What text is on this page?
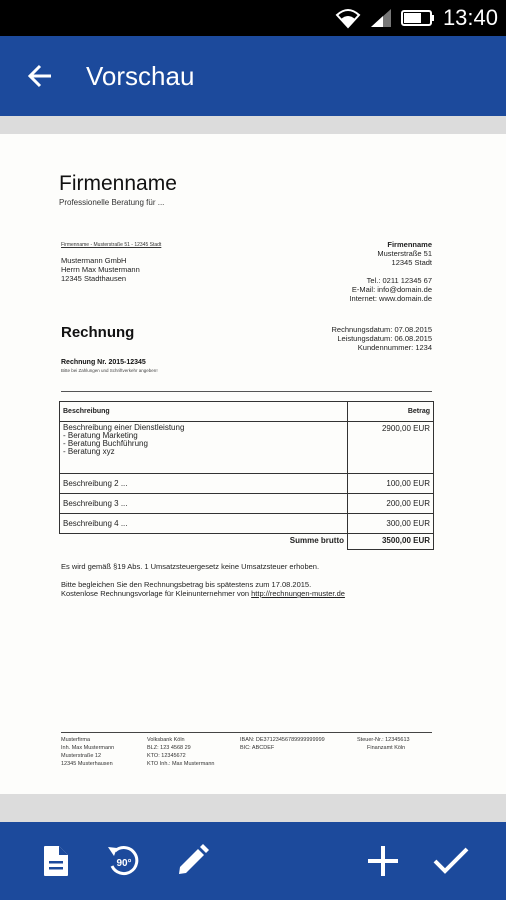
13:40
Vorschau
Firmenname
Professionelle Beratung für ...
Firmenname - Musterstraße 51 - 12345 Stadt
Mustermann GmbH
Herrn Max Mustermann
12345 Stadthausen
Firmenname
Musterstraße 51
12345 Stadt
Tel.: 0211 12345 67
E-Mail: info@domain.de
Internet: www.domain.de
Rechnung	Rechnungsdatum: 07.08.2015
Leistungsdatum: 06.08.2015
Kundennummer: 1234
Rechnung Nr. 2015-12345
Bitte bei Zahlungen und Schriftverkehr angeben!
Beschreibung	Betrag

Beschreibung einer Dienstleistung
- Beratung Marketing
- Beratung Buchführung
- Beratung xyz	2900,00 EUR
Beschreibung 2 ...	100,00 EUR
Beschreibung 3 ...	200,00 EUR
Beschreibung 4 ...	300,00 EUR
Summe brutto	3500,00 EUR
Es wird gemäß §19 Abs. 1 Umsatzsteuergesetz keine Umsatzsteuer erhoben.
Bitte begleichen Sie den Rechnungsbetrag bis spätestens zum 17.08.2015.
Kostenlose Rechnungsvorlage für Kleinunternehmer von http://rechnungen-muster.de
Musterfirma
Inh. Max Mustermann
Musterstraße 12
12345 Musterhausen
Volksbank Köln
BLZ: 123 4568 29
KTO: 12345672
KTO Inh.: Max Mustermann
IBAN: DE37123456789999999999
BIC: ABCDEF
Steuer-Nr.: 12345613
Finanzamt Köln
90°
